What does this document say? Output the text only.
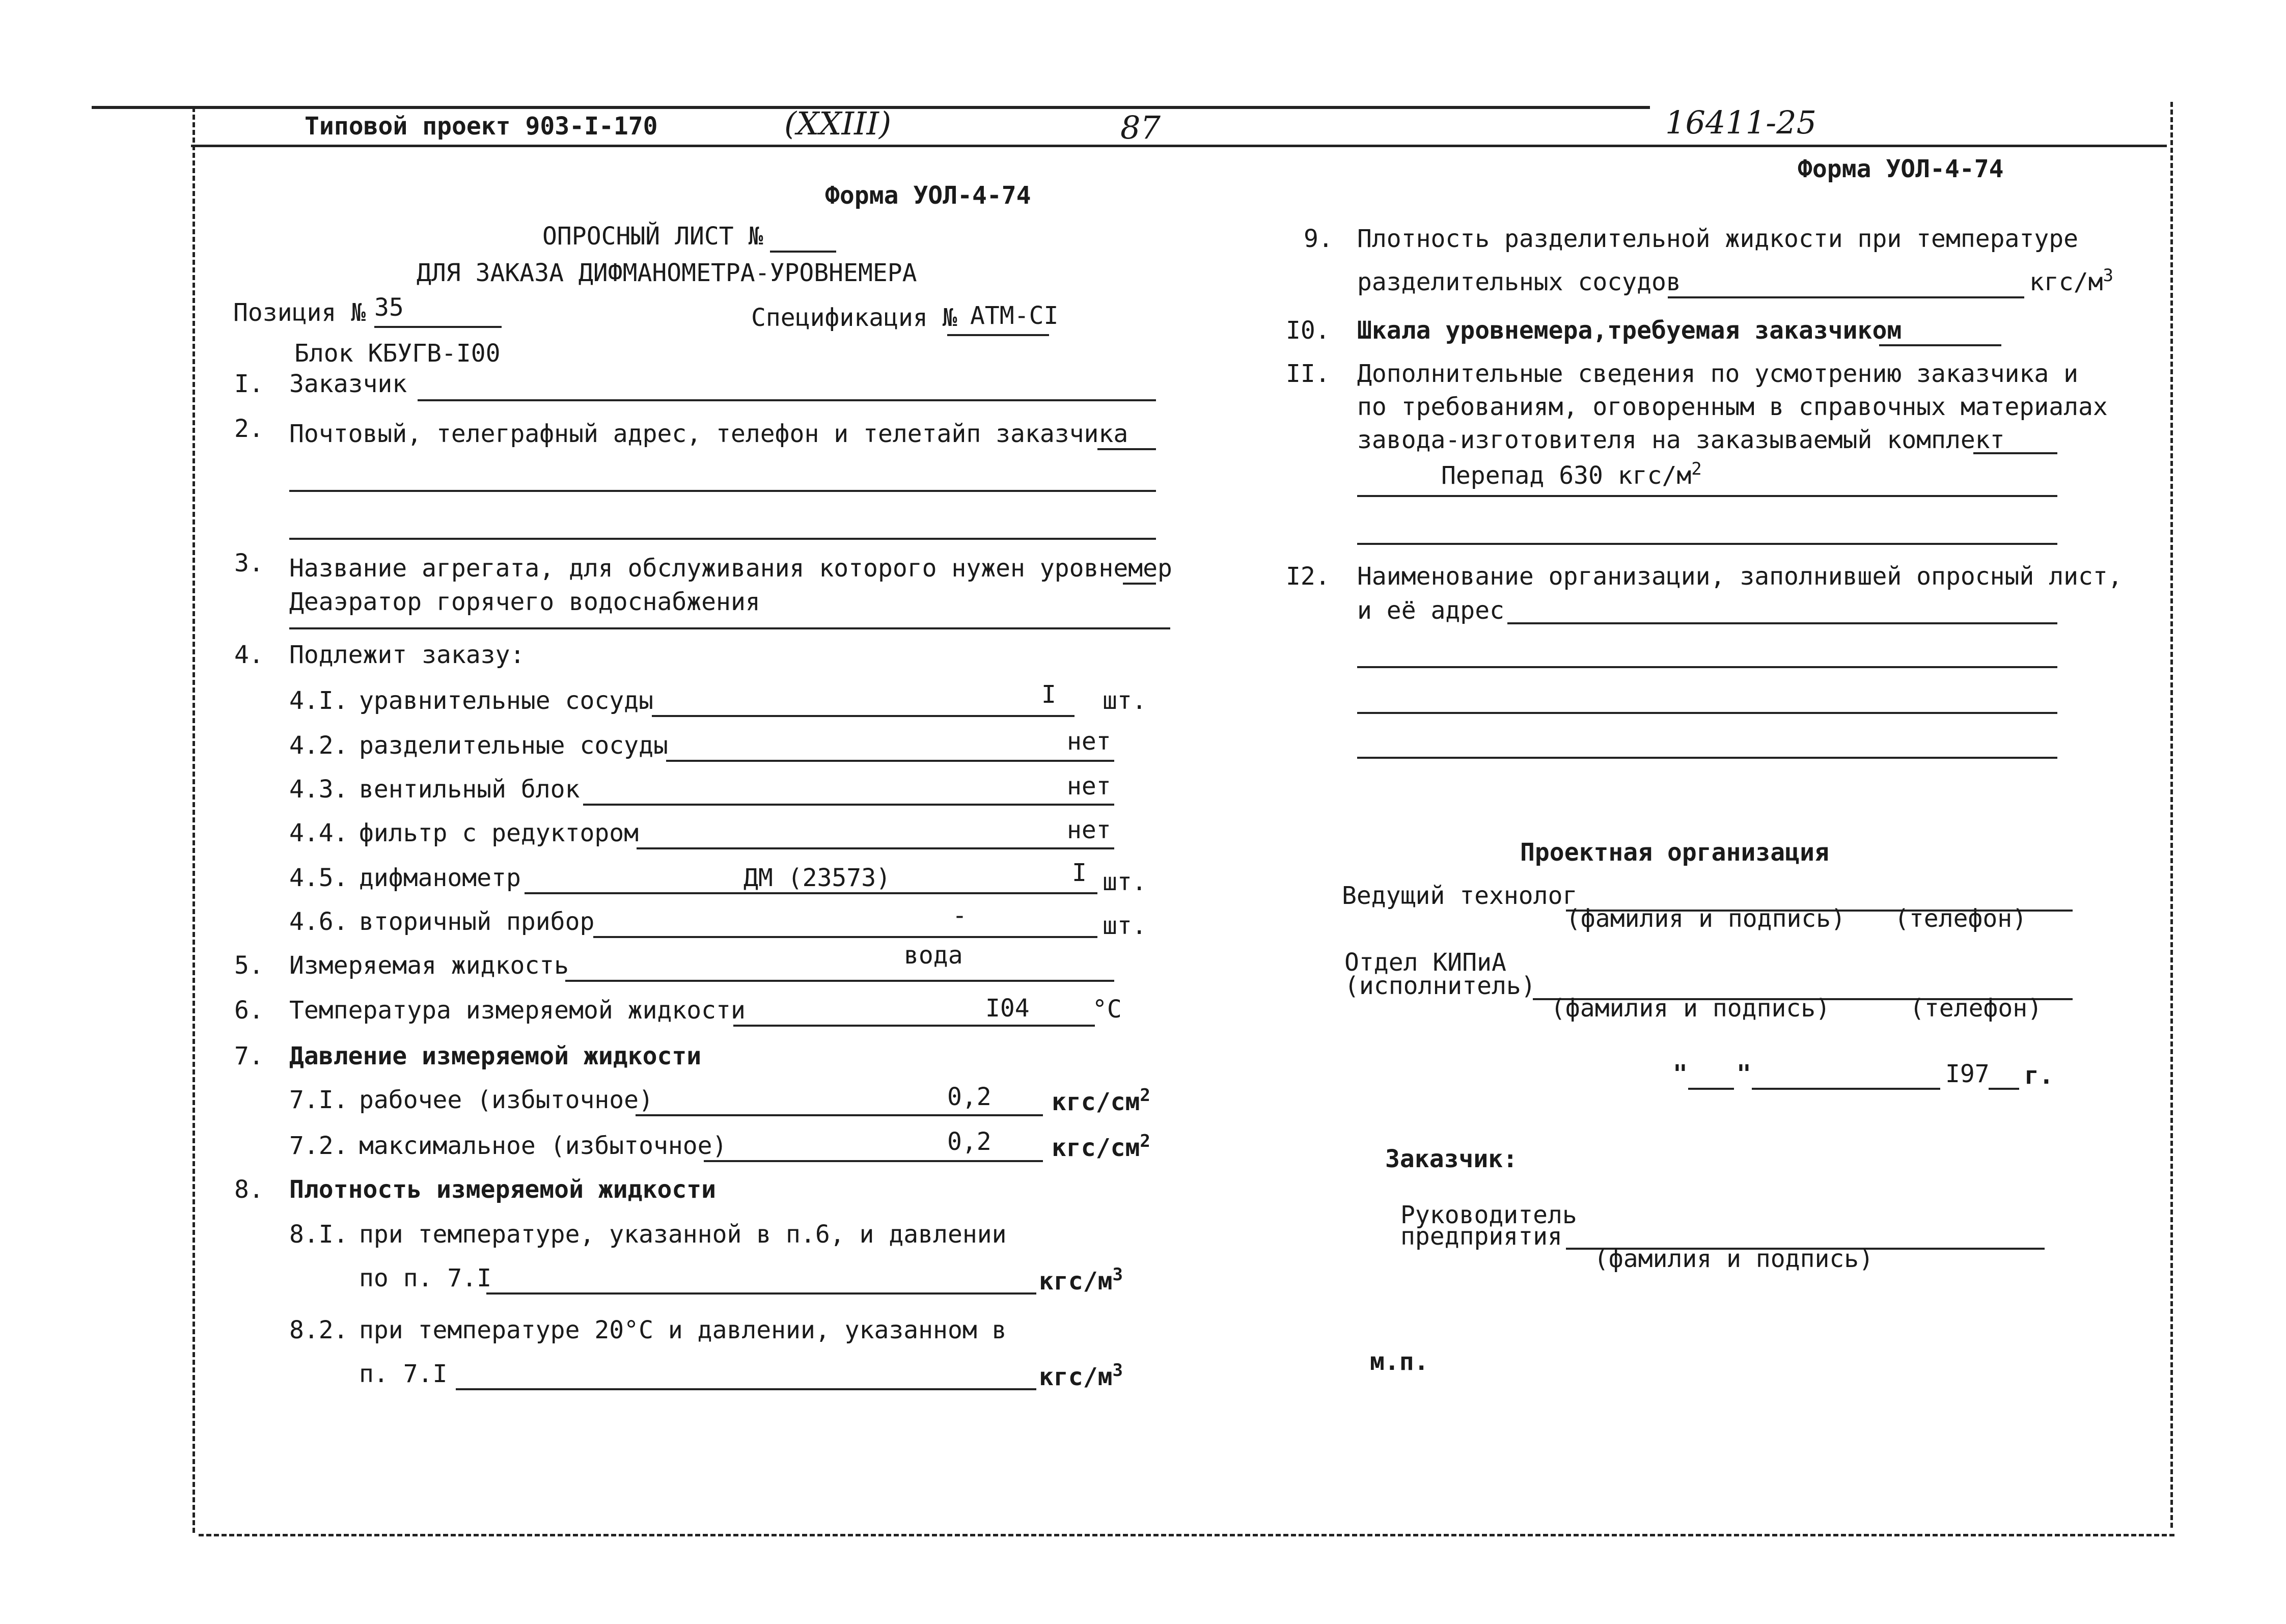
Типовой проект 903-I-170	(XXIII)	87	16411-25
Форма УОЛ-4-74
ОПРОСНЫЙ ЛИСТ №
ДЛЯ ЗАКАЗА ДИФМАНОМЕТРА-УРОВНЕМЕРА
Позиция № 35	Спецификация № АТМ-CI
Блок КБУГВ-I00
I. Заказчик
2. Почтовый, телеграфный адрес, телефон и телетайп заказчика
3. Название агрегата, для обслуживания которого нужен уровнемер
Деаэратор горячего водоснабжения
4. Подлежит заказу:
4.I. уравнительные сосуды	I шт.
4.2. разделительные сосуды	нет
4.3. вентильный блок	нет
4.4. фильтр с редуктором	нет
4.5. дифманометр	ДМ (23573)	I шт.
4.6. вторичный прибор	-	шт.
5. Измеряемая жидкость	вода
6. Температура измеряемой жидкости	I04	°C
7. Давление измеряемой жидкости
7.I. рабочее (избыточное)	0,2 кгс/$см^2$
7.2. максимальное (избыточное)	0,2 кгс/$см^2$
8. Плотность измеряемой жидкости
8.I. при температуре, указанной в п.6, и давлении
по п. 7.I	кгс/$м^3$
8.2. при температуре 20°C и давлении, указанном в
п. 7.I	кгс/$м^3$
Форма УОЛ-4-74
9. Плотность разделительной жидкости при температуре
разделительных сосудов	кгс/$м^3$
I0. Шкала уровнемера,требуемая заказчиком
II. Дополнительные сведения по усмотрению заказчика и
по требованиям, оговоренным в справочных материалах
завода-изготовителя на заказываемый комплект
Перепад 630 кгс/$м^2$
I2. Наименование организации, заполнившей опросный лист,
и её адрес
Проектная организация
Ведущий технолог
(фамилия и подпись) (телефон)
Отдел КИПиА
(исполнитель)
(фамилия и подпись)	(телефон)
" "	I97 г.
Заказчик:
Руководитель
предприятия
(фамилия и подпись)
м.п.
